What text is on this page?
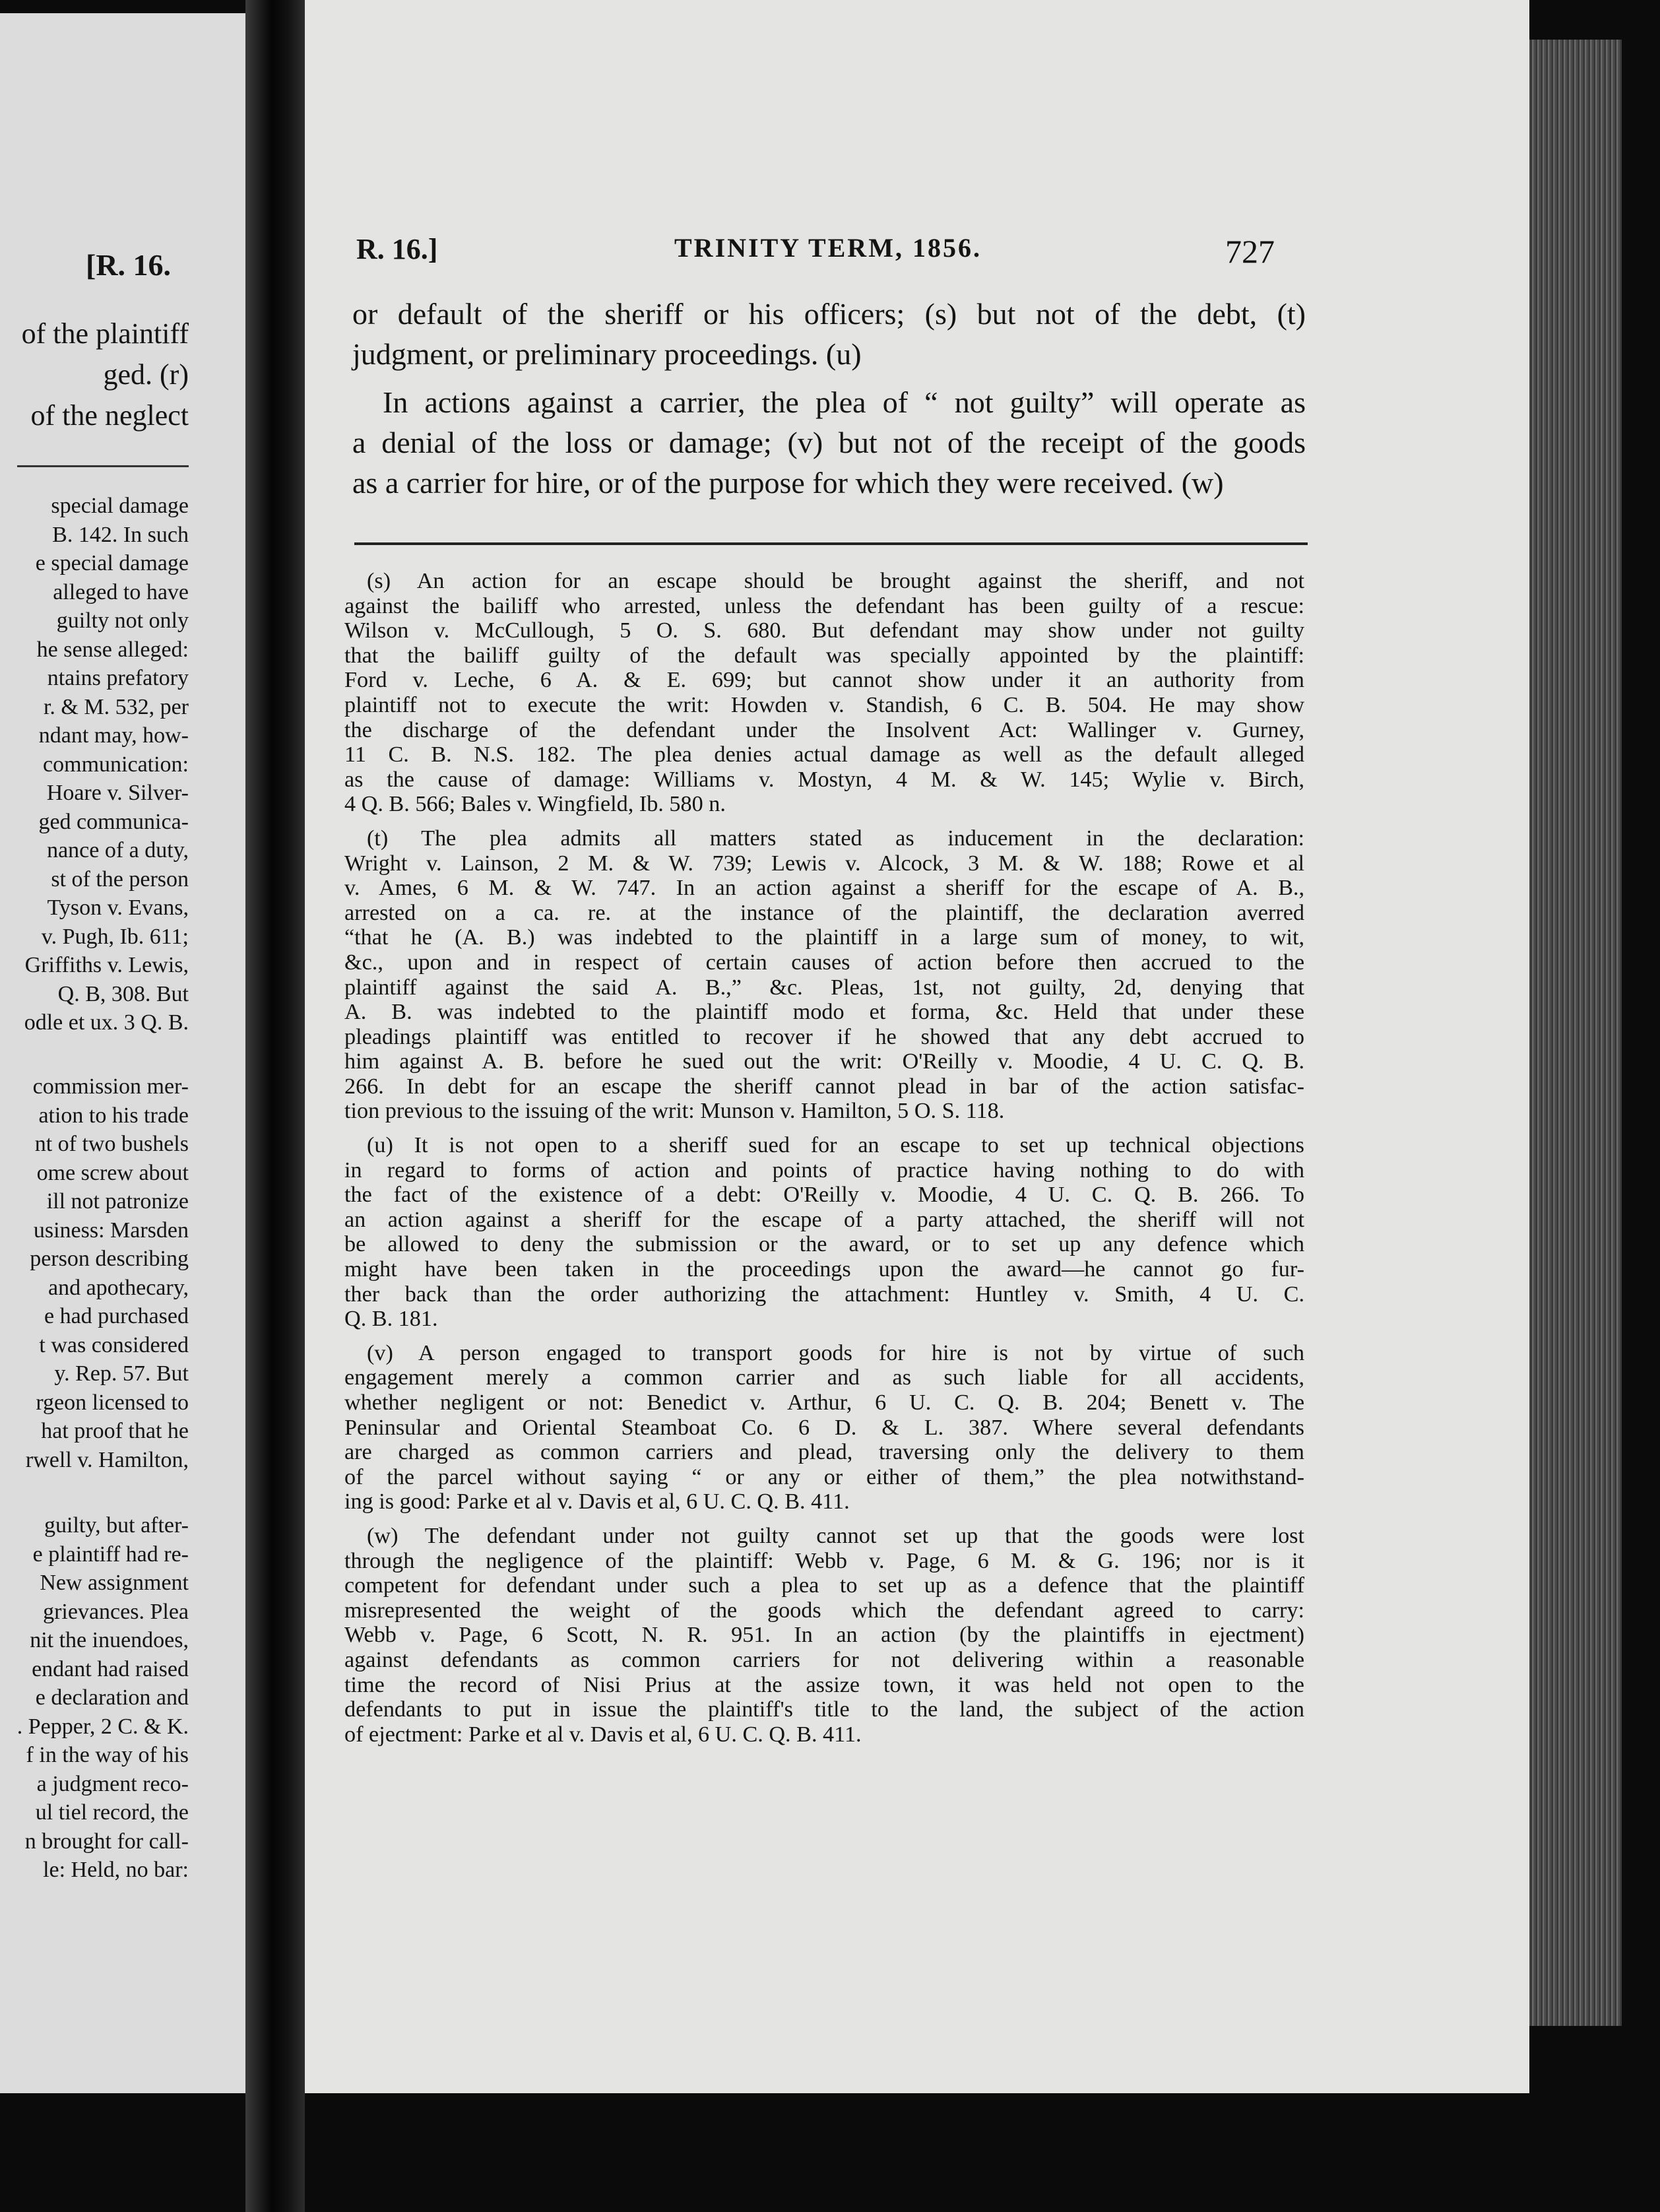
[R. 16.
of the plaintiff
ged. (r)
of the neglect
special damage
B. 142. In such
e special damage
alleged to have
guilty not only
he sense alleged:
ntains prefatory
r. & M. 532, per
ndant may, how-
communication:
Hoare v. Silver-
ged communica-
nance of a duty,
st of the person
Tyson v. Evans,
v. Pugh, Ib. 611;
Griffiths v. Lewis,
Q. B, 308. But
odle et ux. 3 Q. B.
commission mer-
ation to his trade
nt of two bushels
ome screw about
ill not patronize
usiness: Marsden
person describing
and apothecary,
e had purchased
t was considered
y. Rep. 57. But
rgeon licensed to
hat proof that he
rwell v. Hamilton,
guilty, but after-
e plaintiff had re-
New assignment
grievances. Plea
nit the inuendoes,
endant had raised
e declaration and
. Pepper, 2 C. & K.
f in the way of his
a judgment reco-
ul tiel record, the
n brought for call-
le: Held, no bar:
R. 16.]	TRINITY TERM, 1856.	727

or default of the sheriff or his officers; (s) but not of the debt, (t)

judgment, or preliminary proceedings. (u)

In actions against a carrier, the plea of “ not guilty” will operate as

a denial of the loss or damage; (v) but not of the receipt of the goods

as a carrier for hire, or of the purpose for which they were received. (w)

(s) An action for an escape should be brought against the sheriff, and not
against the bailiff who arrested, unless the defendant has been guilty of a rescue:
Wilson v. McCullough, 5 O. S. 680. But defendant may show under not guilty
that the bailiff guilty of the default was specially appointed by the plaintiff:
Ford v. Leche, 6 A. & E. 699; but cannot show under it an authority from
plaintiff not to execute the writ: Howden v. Standish, 6 C. B. 504. He may show
the discharge of the defendant under the Insolvent Act: Wallinger v. Gurney,
11 C. B. N.S. 182. The plea denies actual damage as well as the default alleged
as the cause of damage: Williams v. Mostyn, 4 M. & W. 145; Wylie v. Birch,
4 Q. B. 566; Bales v. Wingfield, Ib. 580 n.
(t) The plea admits all matters stated as inducement in the declaration:
Wright v. Lainson, 2 M. & W. 739; Lewis v. Alcock, 3 M. & W. 188; Rowe et al
v. Ames, 6 M. & W. 747. In an action against a sheriff for the escape of A. B.,
arrested on a ca. re. at the instance of the plaintiff, the declaration averred
“that he (A. B.) was indebted to the plaintiff in a large sum of money, to wit,
&c., upon and in respect of certain causes of action before then accrued to the
plaintiff against the said A. B.,” &c. Pleas, 1st, not guilty, 2d, denying that
A. B. was indebted to the plaintiff modo et forma, &c. Held that under these
pleadings plaintiff was entitled to recover if he showed that any debt accrued to
him against A. B. before he sued out the writ: O'Reilly v. Moodie, 4 U. C. Q. B.
266. In debt for an escape the sheriff cannot plead in bar of the action satisfac-
tion previous to the issuing of the writ: Munson v. Hamilton, 5 O. S. 118.
(u) It is not open to a sheriff sued for an escape to set up technical objections
in regard to forms of action and points of practice having nothing to do with
the fact of the existence of a debt: O'Reilly v. Moodie, 4 U. C. Q. B. 266. To
an action against a sheriff for the escape of a party attached, the sheriff will not
be allowed to deny the submission or the award, or to set up any defence which
might have been taken in the proceedings upon the award—he cannot go fur-
ther back than the order authorizing the attachment: Huntley v. Smith, 4 U. C.
Q. B. 181.
(v) A person engaged to transport goods for hire is not by virtue of such
engagement merely a common carrier and as such liable for all accidents,
whether negligent or not: Benedict v. Arthur, 6 U. C. Q. B. 204; Benett v. The
Peninsular and Oriental Steamboat Co. 6 D. & L. 387. Where several defendants
are charged as common carriers and plead, traversing only the delivery to them
of the parcel without saying “ or any or either of them,” the plea notwithstand-
ing is good: Parke et al v. Davis et al, 6 U. C. Q. B. 411.
(w) The defendant under not guilty cannot set up that the goods were lost
through the negligence of the plaintiff: Webb v. Page, 6 M. & G. 196; nor is it
competent for defendant under such a plea to set up as a defence that the plaintiff
misrepresented the weight of the goods which the defendant agreed to carry:
Webb v. Page, 6 Scott, N. R. 951. In an action (by the plaintiffs in ejectment)
against defendants as common carriers for not delivering within a reasonable
time the record of Nisi Prius at the assize town, it was held not open to the
defendants to put in issue the plaintiff's title to the land, the subject of the action
of ejectment: Parke et al v. Davis et al, 6 U. C. Q. B. 411.
